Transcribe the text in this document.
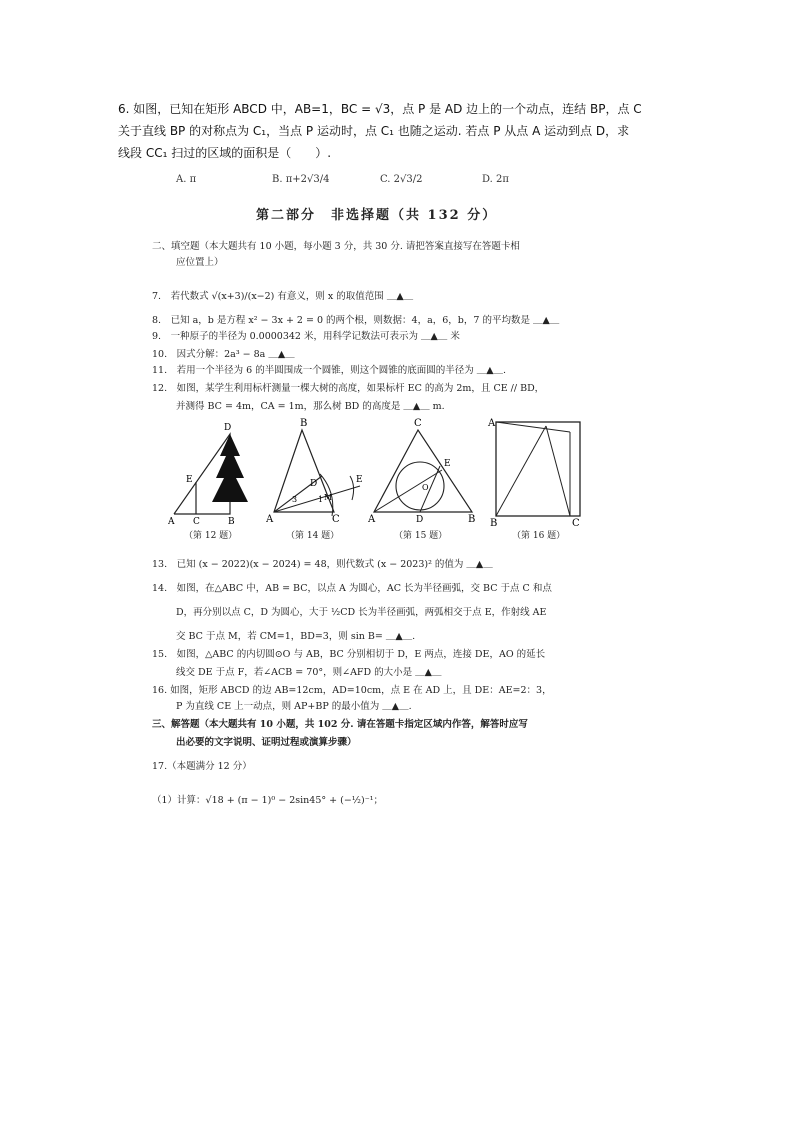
6. 如图，已知在矩形 ABCD 中，AB=1，BC = √3，点 P 是 AD 边上的一个动点，连结 BP，点 C
关于直线 BP 的对称点为 C₁，当点 P 运动时，点 C₁ 也随之运动. 若点 P 从点 A 运动到点 D，求
线段 CC₁ 扫过的区域的面积是（　　）.
A. π	B. π+2√3/4	C. 2√3/2	D. 2π
第二部分　非选择题（共 132 分）
二、填空题（本大题共有 10 小题，每小题 3 分，共 30 分. 请把答案直接写在答题卡相
应位置上）
7.　若代数式 √(x+3)/(x−2) 有意义，则 x 的取值范围 ＿▲＿
8.　已知 a，b 是方程 x² − 3x + 2 = 0 的两个根，则数据：4，a，6，b，7 的平均数是 ＿▲＿
9.　一种原子的半径为 0.0000342 米，用科学记数法可表示为 ＿▲＿ 米
10.　因式分解：2a³ − 8a ＿▲＿
11.　若用一个半径为 6 的半圆围成一个圆锥，则这个圆锥的底面圆的半径为 ＿▲＿.
12.　如图，某学生利用标杆测量一棵大树的高度，如果标杆 EC 的高为 2m，且 CE // BD，
并测得 BC = 4m，CA = 1m，那么树 BD 的高度是 ＿▲＿ m.
D
E
A C	B
B
D	E
A	C
M
3	1
C
E
O
A	D	B
A
B	C
（第 12 题）	（第 14 题）	（第 15 题）	（第 16 题）
13.　已知 (x − 2022)(x − 2024) = 48，则代数式 (x − 2023)² 的值为 ＿▲＿
14.　如图，在△ABC 中，AB = BC，以点 A 为圆心，AC 长为半径画弧，交 BC 于点 C 和点
D，再分别以点 C，D 为圆心，大于 ½CD 长为半径画弧，两弧相交于点 E，作射线 AE
交 BC 于点 M，若 CM=1，BD=3，则 sin B= ＿▲＿.
15.　如图，△ABC 的内切圆⊙O 与 AB，BC 分别相切于 D，E 两点，连接 DE，AO 的延长
线交 DE 于点 F，若∠ACB = 70°，则∠AFD 的大小是 ＿▲＿
16. 如图，矩形 ABCD 的边 AB=12cm，AD=10cm，点 E 在 AD 上，且 DE：AE=2：3，
P 为直线 CE 上一动点，则 AP+BP 的最小值为 ＿▲＿.
三、解答题（本大题共有 10 小题，共 102 分. 请在答题卡指定区域内作答，解答时应写
出必要的文字说明、证明过程或演算步骤）
17.（本题满分 12 分）
（1）计算：√18 + (π − 1)⁰ − 2sin45° + (−½)⁻¹；
